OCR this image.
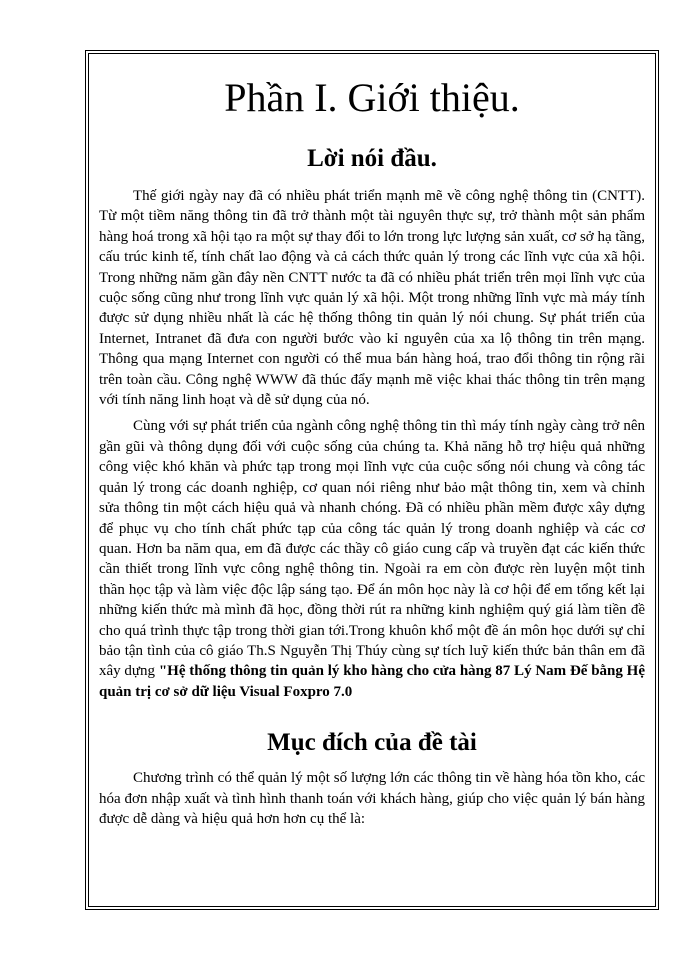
Phần I. Giới thiệu.
Lời nói đầu.

Thế giới ngày nay đã có nhiều phát triển mạnh mẽ về công nghệ thông tin (CNTT). Từ một tiềm năng thông tin đã trở thành một tài nguyên thực sự, trở thành một sản phẩm hàng hoá trong xã hội tạo ra một sự thay đổi to lớn trong lực lượng sản xuất, cơ sở hạ tầng, cấu trúc kinh tế, tính chất lao động và cả cách thức quản lý trong các lĩnh vực của xã hội. Trong những năm gần đây nền CNTT nước ta đã có nhiều phát triển trên mọi lĩnh vực của cuộc sống cũng như trong lĩnh vực quản lý xã hội. Một trong những lĩnh vực mà máy tính được sử dụng nhiều nhất là các hệ thống thông tin quản lý nói chung. Sự phát triển của Internet, Intranet đã đưa con người bước vào kỉ nguyên của xa lộ thông tin trên mạng. Thông qua mạng Internet con người có thể mua bán hàng hoá, trao đổi thông tin rộng rãi trên toàn cầu. Công nghệ WWW đã thúc đẩy mạnh mẽ việc khai thác thông tin trên mạng với tính năng linh hoạt và dễ sử dụng của nó.

Cùng với sự phát triển của ngành công nghệ thông tin thì máy tính ngày càng trở nên gần gũi và thông dụng đối với cuộc sống của chúng ta. Khả năng hỗ trợ hiệu quả những công việc khó khăn và phức tạp trong mọi lĩnh vực của cuộc sống nói chung và công tác quản lý trong các doanh nghiệp, cơ quan nói riêng như bảo mật thông tin, xem và chỉnh sửa thông tin một cách hiệu quả và nhanh chóng. Đã có nhiều phần mềm được xây dựng để phục vụ cho tính chất phức tạp của công tác quản lý trong doanh nghiệp và các cơ quan. Hơn ba năm qua, em đã được các thầy cô giáo cung cấp và truyền đạt các kiến thức cần thiết trong lĩnh vực công nghệ thông tin. Ngoài ra em còn được rèn luyện một tinh thần học tập và làm việc độc lập sáng tạo. Để án môn học này là cơ hội để em tổng kết lại những kiến thức mà mình đã học, đồng thời rút ra những kinh nghiệm quý giá làm tiền đề cho quá trình thực tập trong thời gian tới.Trong khuôn khổ một đề án môn học dưới sự chỉ bảo tận tình của cô giáo Th.S Nguyễn Thị Thúy cùng sự tích luỹ kiến thức bản thân em đã xây dựng "Hệ thống thông tin quản lý kho hàng cho cửa hàng 87 Lý Nam Đế bằng Hệ quản trị cơ sở dữ liệu Visual Foxpro 7.0

Mục đích của đề tài

Chương trình có thể quản lý một số lượng lớn các thông tin về hàng hóa tồn kho, các hóa đơn nhập xuất và tình hình thanh toán với khách hàng, giúp cho việc quản lý bán hàng được dễ dàng và hiệu quả hơn hơn cụ thể là:
